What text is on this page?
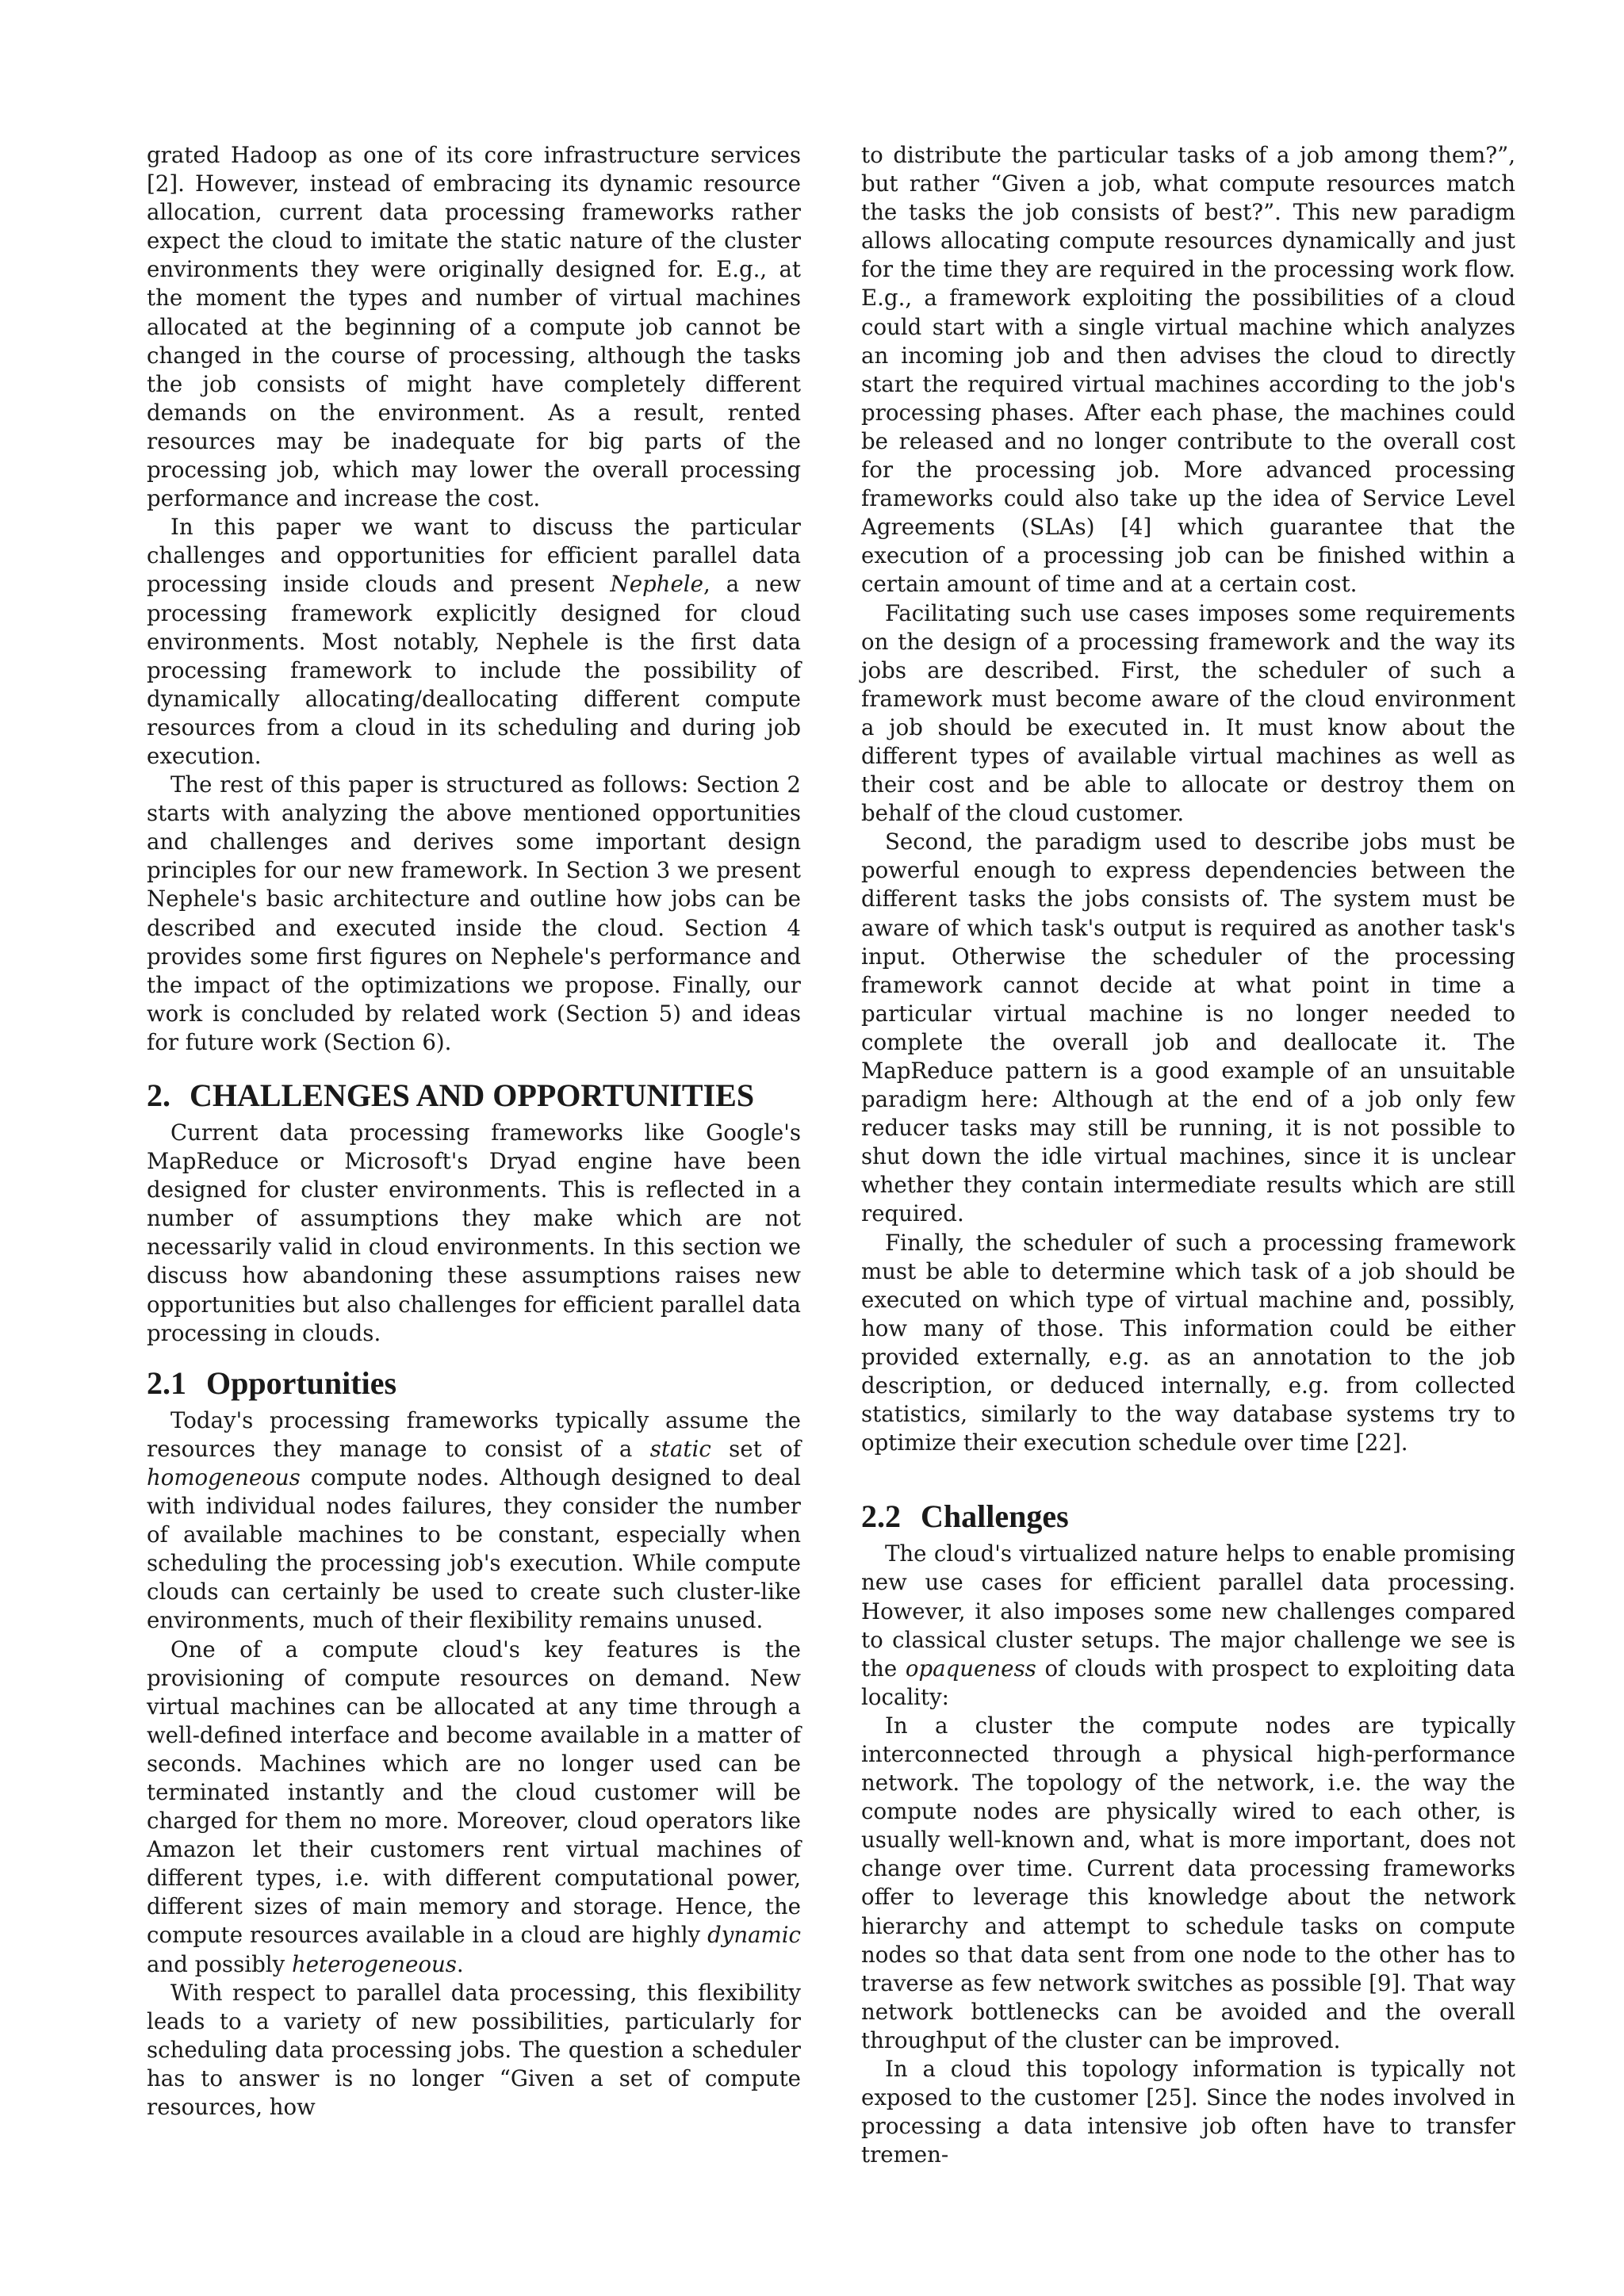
grated Hadoop as one of its core infrastructure services [2]. However, instead of embracing its dynamic resource allocation, current data processing frameworks rather expect the cloud to imitate the static nature of the cluster environments they were originally designed for. E.g., at the moment the types and number of virtual machines allocated at the beginning of a compute job cannot be changed in the course of processing, although the tasks the job consists of might have completely different demands on the environment. As a result, rented resources may be inadequate for big parts of the processing job, which may lower the overall processing performance and increase the cost.

In this paper we want to discuss the particular challenges and opportunities for efficient parallel data processing inside clouds and present Nephele, a new processing framework explicitly designed for cloud environments. Most notably, Nephele is the first data processing framework to include the possibility of dynamically allocating/deallocating different compute resources from a cloud in its scheduling and during job execution.

The rest of this paper is structured as follows: Section 2 starts with analyzing the above mentioned opportunities and challenges and derives some important design principles for our new framework. In Section 3 we present Nephele's basic architecture and outline how jobs can be described and executed inside the cloud. Section 4 provides some first figures on Nephele's performance and the impact of the optimizations we propose. Finally, our work is concluded by related work (Section 5) and ideas for future work (Section 6).

2. CHALLENGES AND OPPORTUNITIES

Current data processing frameworks like Google's MapReduce or Microsoft's Dryad engine have been designed for cluster environments. This is reflected in a number of assumptions they make which are not necessarily valid in cloud environments. In this section we discuss how abandoning these assumptions raises new opportunities but also challenges for efficient parallel data processing in clouds.

2.1 Opportunities

Today's processing frameworks typically assume the resources they manage to consist of a static set of homogeneous compute nodes. Although designed to deal with individual nodes failures, they consider the number of available machines to be constant, especially when scheduling the processing job's execution. While compute clouds can certainly be used to create such cluster-like environments, much of their flexibility remains unused.

One of a compute cloud's key features is the provisioning of compute resources on demand. New virtual machines can be allocated at any time through a well-defined interface and become available in a matter of seconds. Machines which are no longer used can be terminated instantly and the cloud customer will be charged for them no more. Moreover, cloud operators like Amazon let their customers rent virtual machines of different types, i.e. with different computational power, different sizes of main memory and storage. Hence, the compute resources available in a cloud are highly dynamic and possibly heterogeneous.

With respect to parallel data processing, this flexibility leads to a variety of new possibilities, particularly for scheduling data processing jobs. The question a scheduler has to answer is no longer “Given a set of compute resources, how

to distribute the particular tasks of a job among them?”, but rather “Given a job, what compute resources match the tasks the job consists of best?”. This new paradigm allows allocating compute resources dynamically and just for the time they are required in the processing work flow. E.g., a framework exploiting the possibilities of a cloud could start with a single virtual machine which analyzes an incoming job and then advises the cloud to directly start the required virtual machines according to the job's processing phases. After each phase, the machines could be released and no longer contribute to the overall cost for the processing job. More advanced processing frameworks could also take up the idea of Service Level Agreements (SLAs) [4] which guarantee that the execution of a processing job can be finished within a certain amount of time and at a certain cost.

Facilitating such use cases imposes some requirements on the design of a processing framework and the way its jobs are described. First, the scheduler of such a framework must become aware of the cloud environment a job should be executed in. It must know about the different types of available virtual machines as well as their cost and be able to allocate or destroy them on behalf of the cloud customer.

Second, the paradigm used to describe jobs must be powerful enough to express dependencies between the different tasks the jobs consists of. The system must be aware of which task's output is required as another task's input. Otherwise the scheduler of the processing framework cannot decide at what point in time a particular virtual machine is no longer needed to complete the overall job and deallocate it. The MapReduce pattern is a good example of an unsuitable paradigm here: Although at the end of a job only few reducer tasks may still be running, it is not possible to shut down the idle virtual machines, since it is unclear whether they contain intermediate results which are still required.

Finally, the scheduler of such a processing framework must be able to determine which task of a job should be executed on which type of virtual machine and, possibly, how many of those. This information could be either provided externally, e.g. as an annotation to the job description, or deduced internally, e.g. from collected statistics, similarly to the way database systems try to optimize their execution schedule over time [22].

2.2 Challenges

The cloud's virtualized nature helps to enable promising new use cases for efficient parallel data processing. However, it also imposes some new challenges compared to classical cluster setups. The major challenge we see is the opaqueness of clouds with prospect to exploiting data locality:

In a cluster the compute nodes are typically interconnected through a physical high-performance network. The topology of the network, i.e. the way the compute nodes are physically wired to each other, is usually well-known and, what is more important, does not change over time. Current data processing frameworks offer to leverage this knowledge about the network hierarchy and attempt to schedule tasks on compute nodes so that data sent from one node to the other has to traverse as few network switches as possible [9]. That way network bottlenecks can be avoided and the overall throughput of the cluster can be improved.

In a cloud this topology information is typically not exposed to the customer [25]. Since the nodes involved in processing a data intensive job often have to transfer tremen-
